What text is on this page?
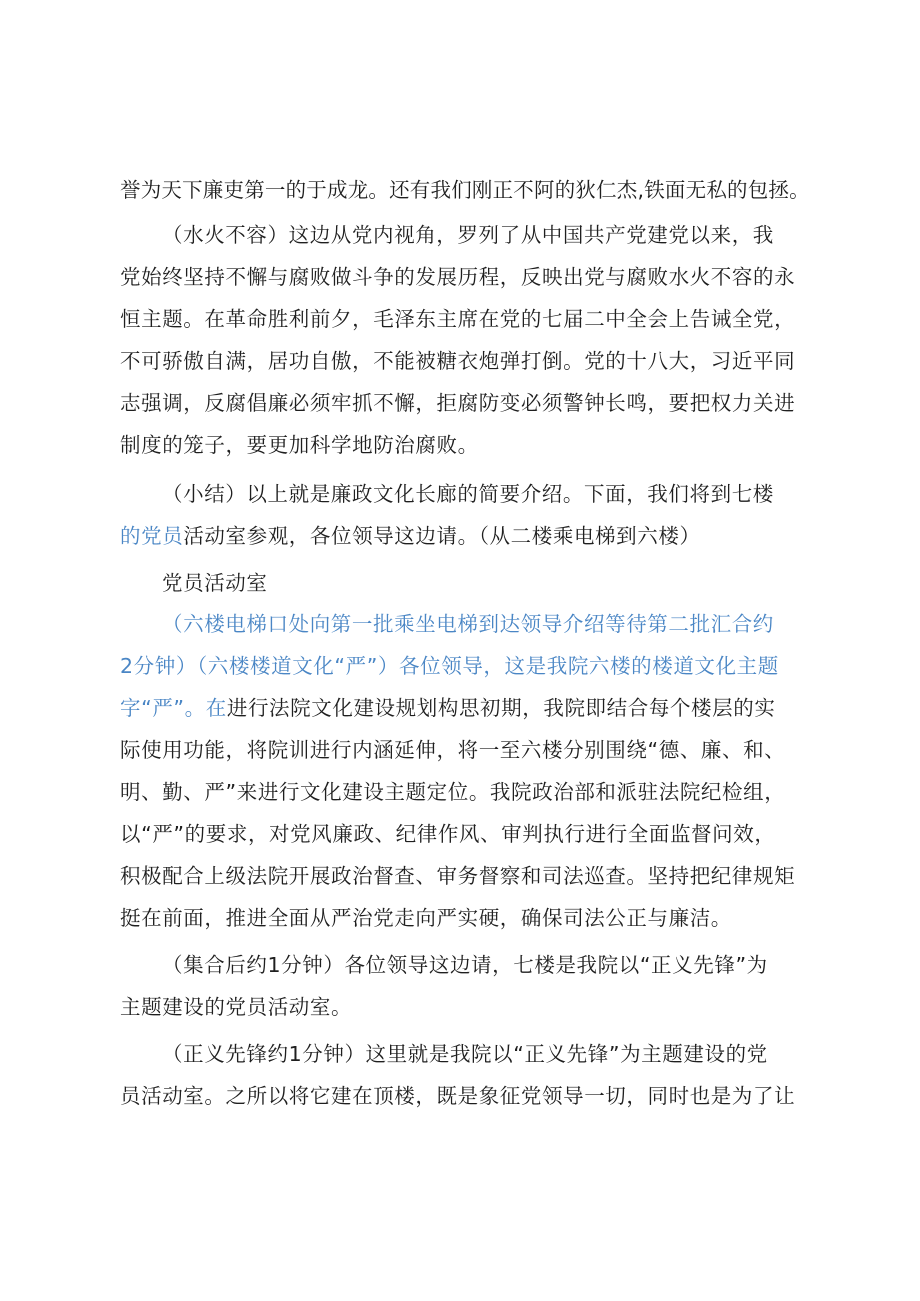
誉为天下廉吏第一的于成龙。还有我们刚正不阿的狄仁杰,铁面无私的包拯。
（水火不容）这边从党内视角，罗列了从中国共产党建党以来，我
党始终坚持不懈与腐败做斗争的发展历程，反映出党与腐败水火不容的永
恒主题。在革命胜利前夕，毛泽东主席在党的七届二中全会上告诫全党，
不可骄傲自满，居功自傲，不能被糖衣炮弹打倒。党的十八大，习近平同
志强调，反腐倡廉必须牢抓不懈，拒腐防变必须警钟长鸣，要把权力关进
制度的笼子，要更加科学地防治腐败。
（小结）以上就是廉政文化长廊的简要介绍。下面，我们将到七楼
的党员活动室参观，各位领导这边请。（从二楼乘电梯到六楼）
党员活动室
（六楼电梯口处向第一批乘坐电梯到达领导介绍等待第二批汇合约
2分钟）（六楼楼道文化“严”）各位领导，这是我院六楼的楼道文化主题
字“严”。在进行法院文化建设规划构思初期，我院即结合每个楼层的实
际使用功能，将院训进行内涵延伸，将一至六楼分别围绕“德、廉、和、
明、勤、严”来进行文化建设主题定位。我院政治部和派驻法院纪检组，
以“严”的要求，对党风廉政、纪律作风、审判执行进行全面监督问效，
积极配合上级法院开展政治督查、审务督察和司法巡查。坚持把纪律规矩
挺在前面，推进全面从严治党走向严实硬，确保司法公正与廉洁。
（集合后约1分钟）各位领导这边请，七楼是我院以“正义先锋”为
主题建设的党员活动室。
（正义先锋约1分钟）这里就是我院以“正义先锋”为主题建设的党
员活动室。之所以将它建在顶楼，既是象征党领导一切，同时也是为了让
